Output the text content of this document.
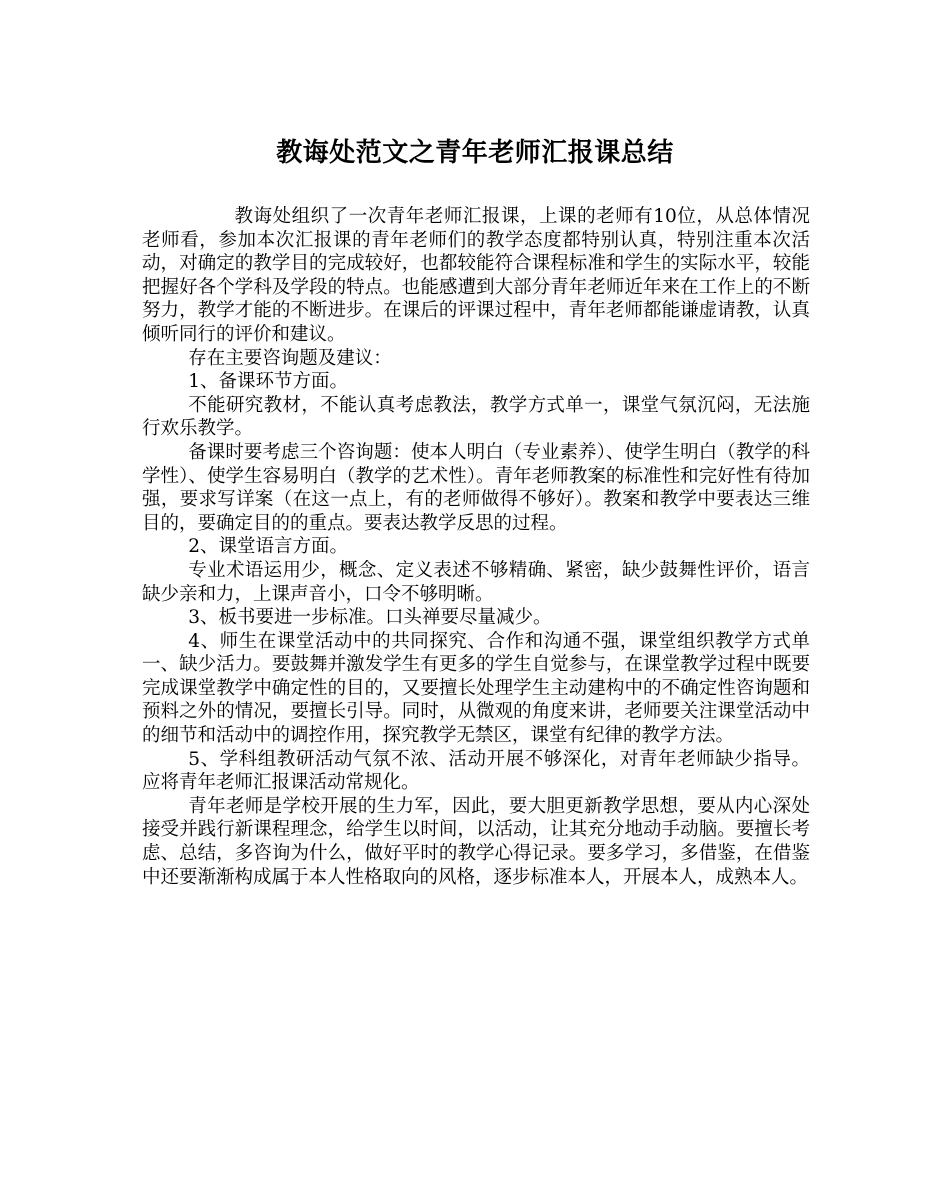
教诲处范文之青年老师汇报课总结

教诲处组织了一次青年老师汇报课，上课的老师有10位，从总体情况老师看，参加本次汇报课的青年老师们的教学态度都特别认真，特别注重本次活动，对确定的教学目的完成较好，也都较能符合课程标准和学生的实际水平，较能把握好各个学科及学段的特点。也能感遭到大部分青年老师近年来在工作上的不断努力，教学才能的不断进步。在课后的评课过程中，青年老师都能谦虚请教，认真倾听同行的评价和建议。

存在主要咨询题及建议：

1、备课环节方面。

不能研究教材，不能认真考虑教法，教学方式单一，课堂气氛沉闷，无法施行欢乐教学。

备课时要考虑三个咨询题：使本人明白（专业素养）、使学生明白（教学的科学性）、使学生容易明白（教学的艺术性）。青年老师教案的标准性和完好性有待加强，要求写详案（在这一点上，有的老师做得不够好）。教案和教学中要表达三维目的，要确定目的的重点。要表达教学反思的过程。

2、课堂语言方面。

专业术语运用少，概念、定义表述不够精确、紧密，缺少鼓舞性评价，语言缺少亲和力，上课声音小，口令不够明晰。

3、板书要进一步标准。口头禅要尽量减少。

4、师生在课堂活动中的共同探究、合作和沟通不强，课堂组织教学方式单一、缺少活力。要鼓舞并激发学生有更多的学生自觉参与，在课堂教学过程中既要完成课堂教学中确定性的目的，又要擅长处理学生主动建构中的不确定性咨询题和预料之外的情况，要擅长引导。同时，从微观的角度来讲，老师要关注课堂活动中的细节和活动中的调控作用，探究教学无禁区，课堂有纪律的教学方法。

5、学科组教研活动气氛不浓、活动开展不够深化，对青年老师缺少指导。应将青年老师汇报课活动常规化。

青年老师是学校开展的生力军，因此，要大胆更新教学思想，要从内心深处接受并践行新课程理念，给学生以时间，以活动，让其充分地动手动脑。要擅长考虑、总结，多咨询为什么，做好平时的教学心得记录。要多学习，多借鉴，在借鉴中还要渐渐构成属于本人性格取向的风格，逐步标准本人，开展本人，成熟本人。
